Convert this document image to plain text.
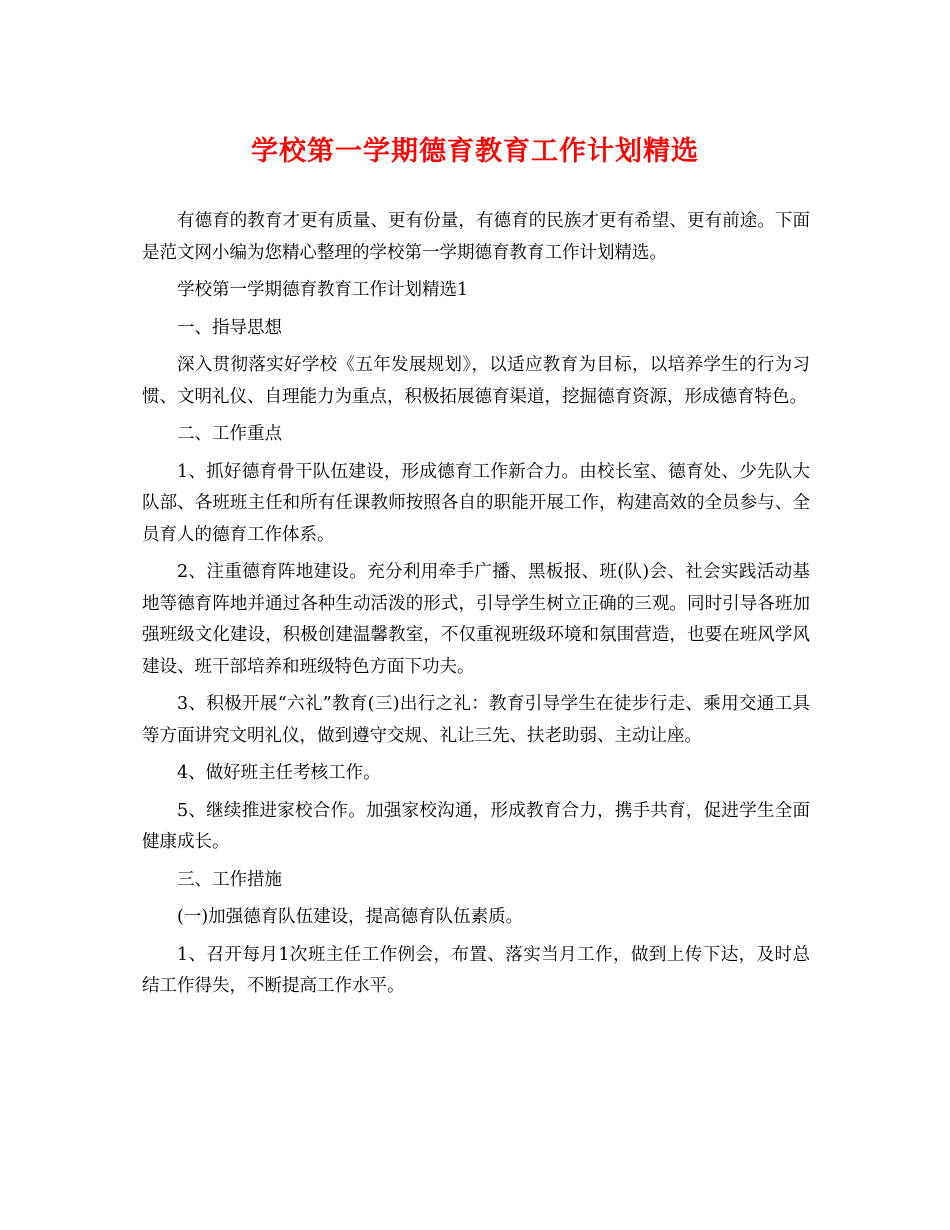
学校第一学期德育教育工作计划精选

有德育的教育才更有质量、更有份量，有德育的民族才更有希望、更有前途。下面是范文网小编为您精心整理的学校第一学期德育教育工作计划精选。

学校第一学期德育教育工作计划精选1

一、指导思想

深入贯彻落实好学校《五年发展规划》，以适应教育为目标，以培养学生的行为习惯、文明礼仪、自理能力为重点，积极拓展德育渠道，挖掘德育资源，形成德育特色。

二、工作重点

1、抓好德育骨干队伍建设，形成德育工作新合力。由校长室、德育处、少先队大队部、各班班主任和所有任课教师按照各自的职能开展工作，构建高效的全员参与、全员育人的德育工作体系。

2、注重德育阵地建设。充分利用牵手广播、黑板报、班(队)会、社会实践活动基地等德育阵地并通过各种生动活泼的形式，引导学生树立正确的三观。同时引导各班加强班级文化建设，积极创建温馨教室，不仅重视班级环境和氛围营造，也要在班风学风建设、班干部培养和班级特色方面下功夫。

3、积极开展“六礼”教育(三)出行之礼：教育引导学生在徒步行走、乘用交通工具等方面讲究文明礼仪，做到遵守交规、礼让三先、扶老助弱、主动让座。

4、做好班主任考核工作。

5、继续推进家校合作。加强家校沟通，形成教育合力，携手共育，促进学生全面健康成长。

三、工作措施

(一)加强德育队伍建设，提高德育队伍素质。

1、召开每月1次班主任工作例会，布置、落实当月工作，做到上传下达，及时总结工作得失，不断提高工作水平。
